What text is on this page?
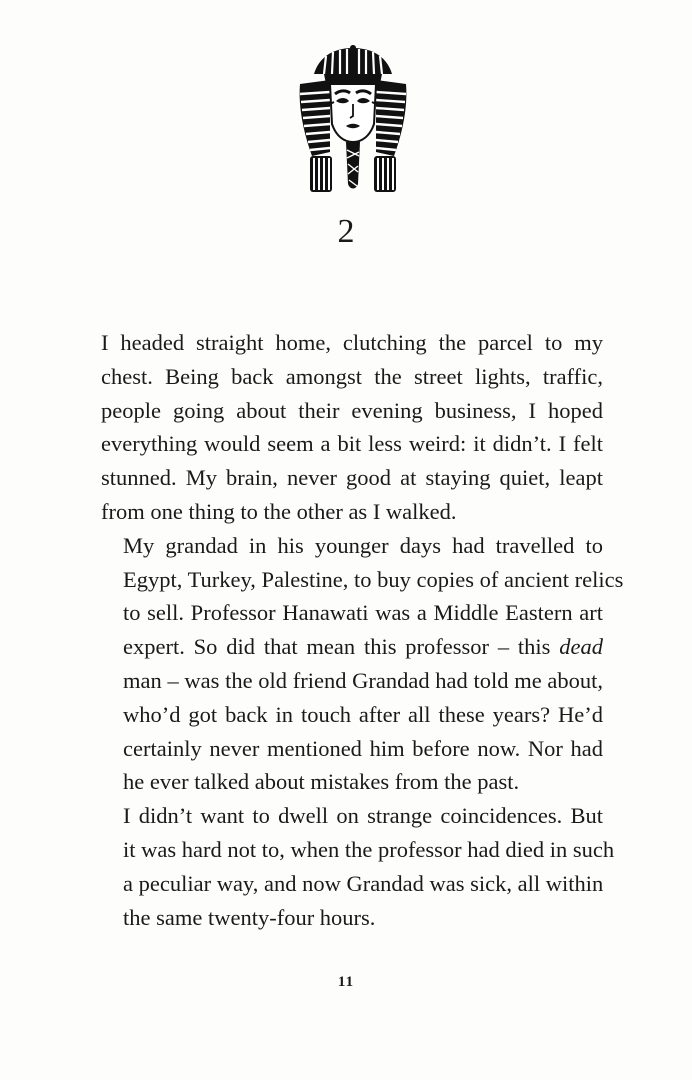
2

I headed straight home, clutching the parcel to my
chest. Being back amongst the street lights, traffic,
people going about their evening business, I hoped
everything would seem a bit less weird: it didn’t. I felt
stunned. My brain, never good at staying quiet, leapt
from one thing to the other as I walked.

My grandad in his younger days had travelled to
Egypt, Turkey, Palestine, to buy copies of ancient relics
to sell. Professor Hanawati was a Middle Eastern art
expert. So did that mean this professor – this dead
man – was the old friend Grandad had told me about,
who’d got back in touch after all these years? He’d
certainly never mentioned him before now. Nor had
he ever talked about mistakes from the past.

I didn’t want to dwell on strange coincidences. But
it was hard not to, when the professor had died in such
a peculiar way, and now Grandad was sick, all within
the same twenty-four hours.

11
